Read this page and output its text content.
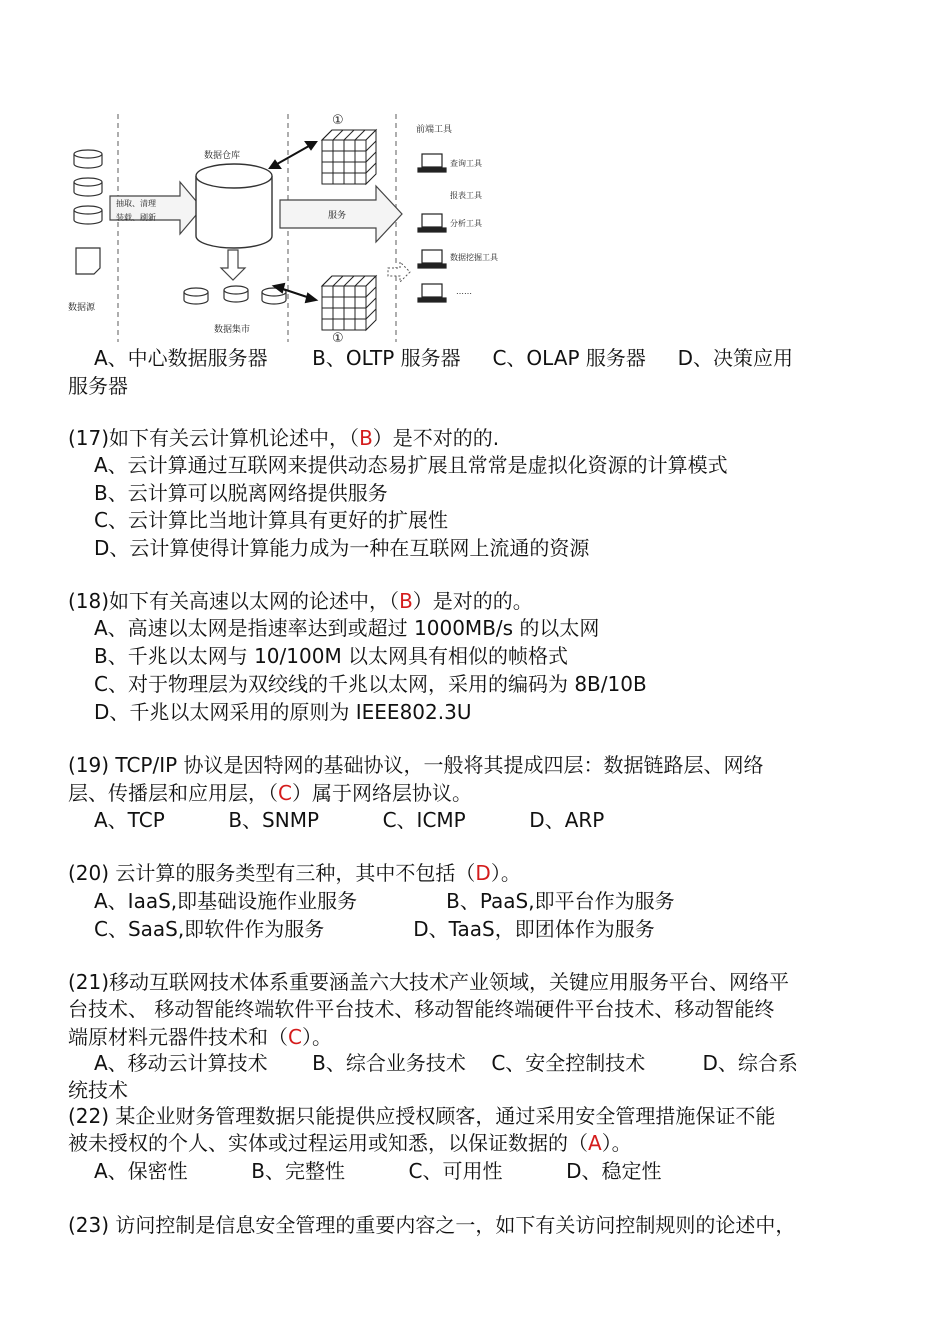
数据源
抽取、清理
装载、刷新
数据仓库
数据集市
服务
①
①
前端工具
查询工具
报表工具
分析工具
数据挖掘工具
……
A、中心数据服务器       B、OLTP 服务器     C、OLAP 服务器     D、决策应用
服务器
(17)如下有关云计算机论述中，（B）是不对的的.
A、云计算通过互联网来提供动态易扩展且常常是虚拟化资源的计算模式
B、云计算可以脱离网络提供服务
C、云计算比当地计算具有更好的扩展性
D、云计算使得计算能力成为一种在互联网上流通的资源
(18)如下有关高速以太网的论述中，（B）是对的的。
A、高速以太网是指速率达到或超过 1000MB/s 的以太网
B、千兆以太网与 10/100M 以太网具有相似的帧格式
C、对于物理层为双绞线的千兆以太网，采用的编码为 8B/10B
D、千兆以太网采用的原则为 IEEE802.3U
(19) TCP/IP 协议是因特网的基础协议，一般将其提成四层：数据链路层、网络
层、传播层和应用层，（C）属于网络层协议。
A、TCP          B、SNMP          C、ICMP          D、ARP
(20) 云计算的服务类型有三种，其中不包括（D）。
A、IaaS,即基础设施作业服务              B、PaaS,即平台作为服务
C、SaaS,即软件作为服务              D、TaaS，即团体作为服务
(21)移动互联网技术体系重要涵盖六大技术产业领域，关键应用服务平台、网络平
台技术、 移动智能终端软件平台技术、移动智能终端硬件平台技术、移动智能终
端原材料元器件技术和（C）。
A、移动云计算技术       B、综合业务技术    C、安全控制技术         D、综合系
统技术
(22) 某企业财务管理数据只能提供应授权顾客，通过采用安全管理措施保证不能
被未授权的个人、实体或过程运用或知悉，以保证数据的（A）。
A、保密性          B、完整性          C、可用性          D、稳定性
(23) 访问控制是信息安全管理的重要内容之一，如下有关访问控制规则的论述中，
